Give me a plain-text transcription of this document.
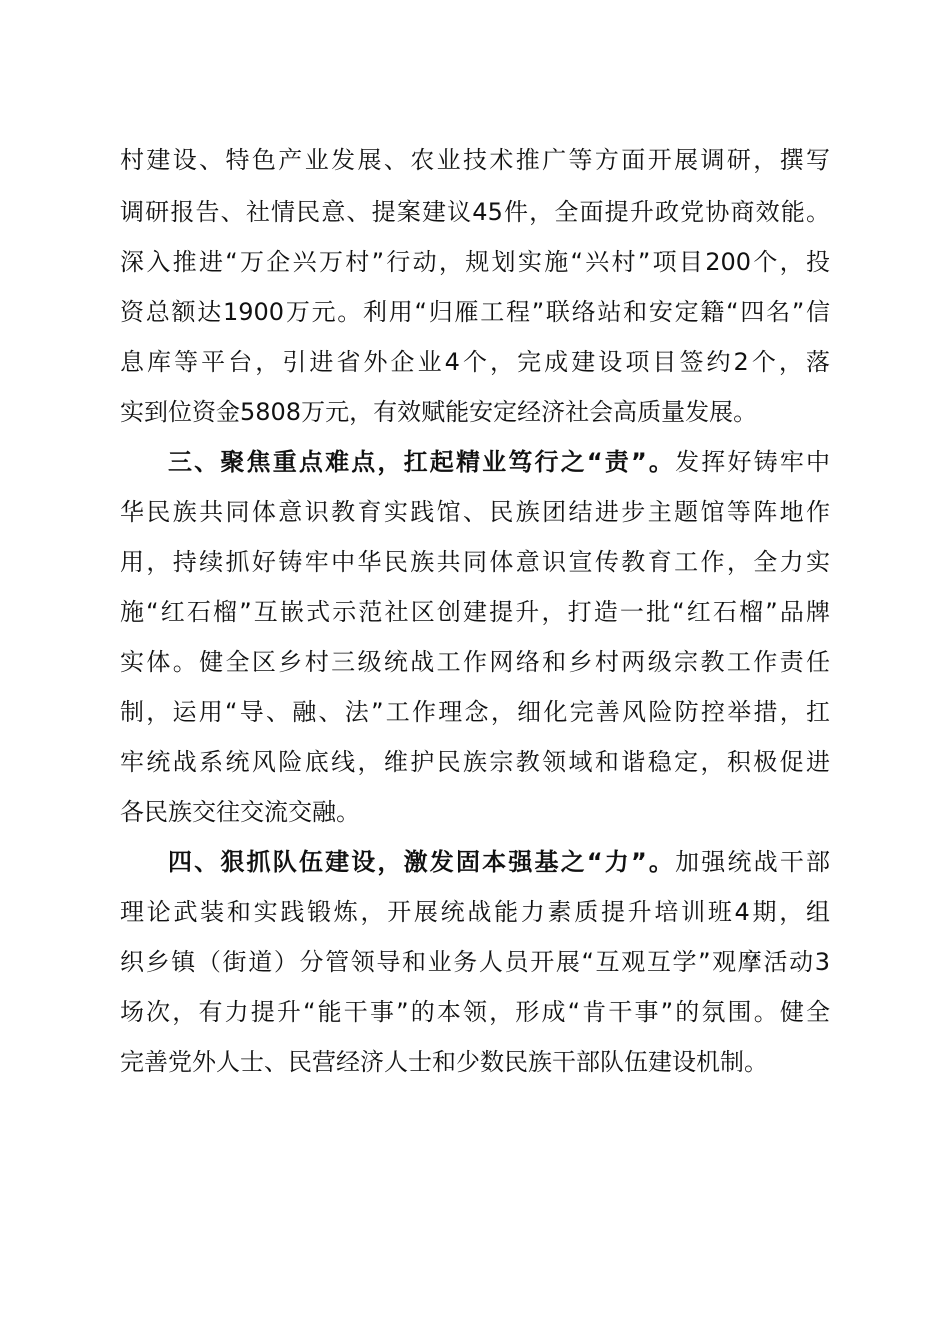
村建设、特色产业发展、农业技术推广等方面开展调研，撰写
调研报告、社情民意、提案建议45件，全面提升政党协商效能。
深入推进“万企兴万村”行动，规划实施“兴村”项目200个，投
资总额达1900万元。利用“归雁工程”联络站和安定籍“四名”信
息库等平台，引进省外企业4个，完成建设项目签约2个，落
实到位资金5808万元，有效赋能安定经济社会高质量发展。
三、聚焦重点难点，扛起精业笃行之“责”。发挥好铸牢中
华民族共同体意识教育实践馆、民族团结进步主题馆等阵地作
用，持续抓好铸牢中华民族共同体意识宣传教育工作，全力实
施“红石榴”互嵌式示范社区创建提升，打造一批“红石榴”品牌
实体。健全区乡村三级统战工作网络和乡村两级宗教工作责任
制，运用“导、融、法”工作理念，细化完善风险防控举措，扛
牢统战系统风险底线，维护民族宗教领域和谐稳定，积极促进
各民族交往交流交融。
四、狠抓队伍建设，激发固本强基之“力”。加强统战干部
理论武装和实践锻炼，开展统战能力素质提升培训班4期，组
织乡镇（街道）分管领导和业务人员开展“互观互学”观摩活动3
场次，有力提升“能干事”的本领，形成“肯干事”的氛围。健全
完善党外人士、民营经济人士和少数民族干部队伍建设机制。
